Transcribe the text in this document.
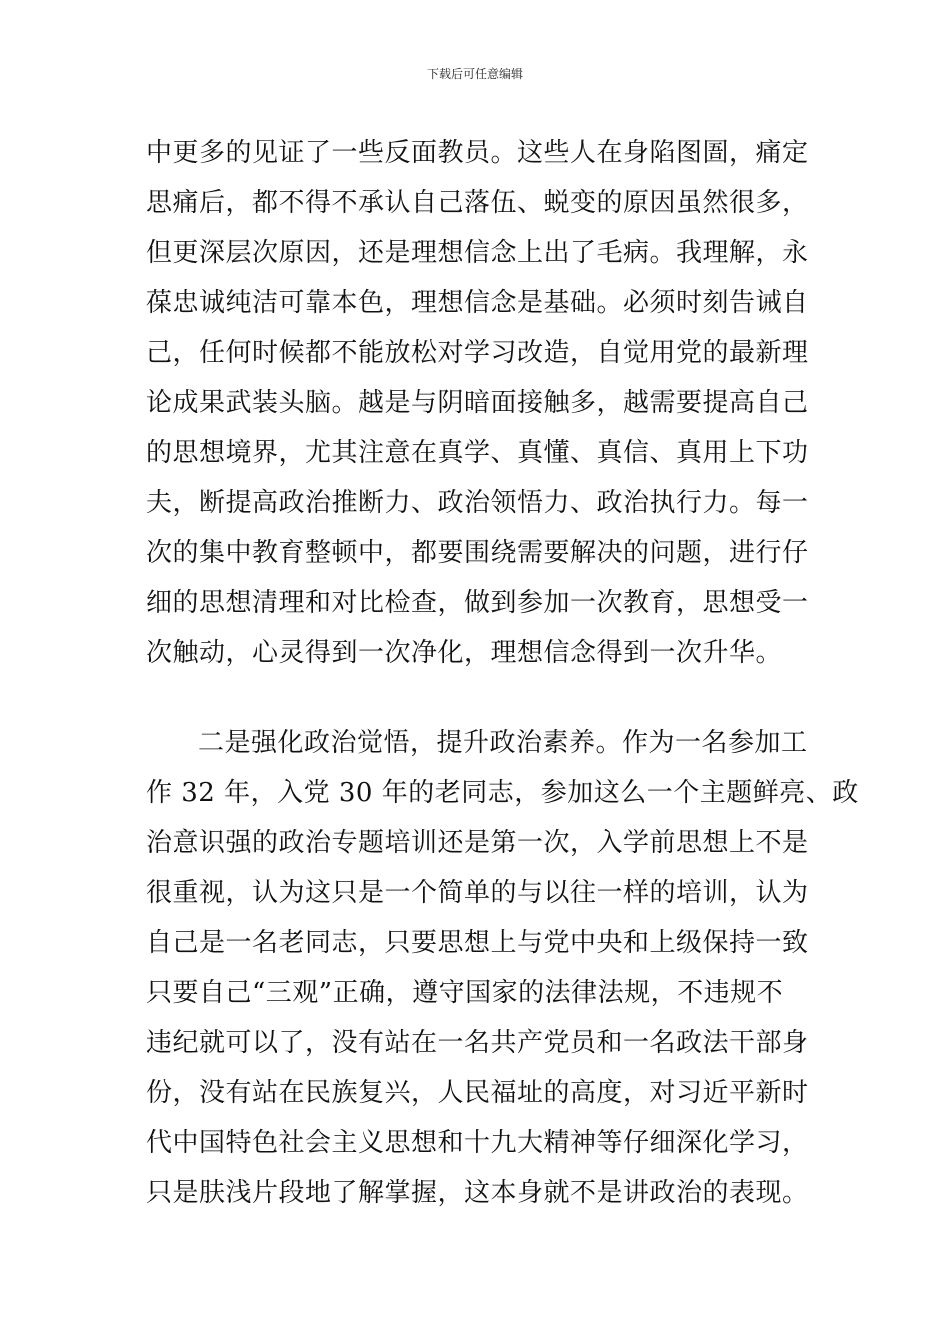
下载后可任意编辑
中更多的见证了一些反面教员。这些人在身陷图圄，痛定
思痛后，都不得不承认自己落伍、蜕变的原因虽然很多，
但更深层次原因，还是理想信念上出了毛病。我理解，永
葆忠诚纯洁可靠本色，理想信念是基础。必须时刻告诫自
己，任何时候都不能放松对学习改造，自觉用党的最新理
论成果武装头脑。越是与阴暗面接触多，越需要提高自己
的思想境界，尤其注意在真学、真懂、真信、真用上下功
夫，断提高政治推断力、政治领悟力、政治执行力。每一
次的集中教育整顿中，都要围绕需要解决的问题，进行仔
细的思想清理和对比检查，做到参加一次教育，思想受一
次触动，心灵得到一次净化，理想信念得到一次升华。
二是强化政治觉悟，提升政治素养。作为一名参加工
作 32 年，入党 30 年的老同志，参加这么一个主题鲜亮、政
治意识强的政治专题培训还是第一次，入学前思想上不是
很重视，认为这只是一个简单的与以往一样的培训，认为
自己是一名老同志，只要思想上与党中央和上级保持一致
只要自己“三观”正确，遵守国家的法律法规，不违规不
违纪就可以了，没有站在一名共产党员和一名政法干部身
份，没有站在民族复兴，人民福址的高度，对习近平新时
代中国特色社会主义思想和十九大精神等仔细深化学习，
只是肤浅片段地了解掌握，这本身就不是讲政治的表现。
